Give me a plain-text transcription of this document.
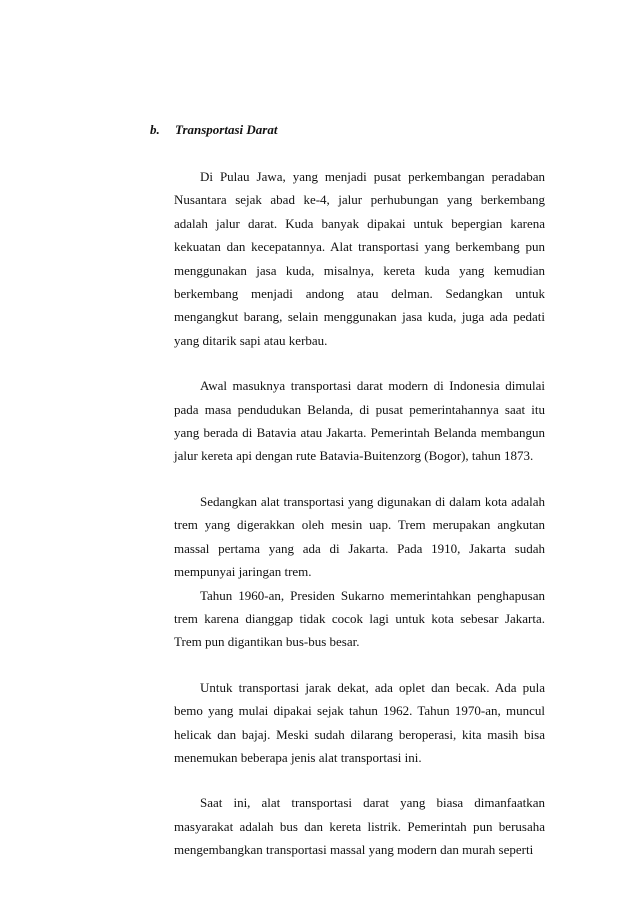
b. Transportasi Darat

Di Pulau Jawa, yang menjadi pusat perkembangan peradaban Nusantara sejak abad ke-4, jalur perhubungan yang berkembang adalah jalur darat. Kuda banyak dipakai untuk bepergian karena kekuatan dan kecepatannya. Alat transportasi yang berkembang pun menggunakan jasa kuda, misalnya, kereta kuda yang kemudian berkembang menjadi andong atau delman. Sedangkan untuk mengangkut barang, selain menggunakan jasa kuda, juga ada pedati yang ditarik sapi atau kerbau.

Awal masuknya transportasi darat modern di Indonesia dimulai pada masa pendudukan Belanda, di pusat pemerintahannya saat itu yang berada di Batavia atau Jakarta. Pemerintah Belanda membangun jalur kereta api dengan rute Batavia-Buitenzorg (Bogor), tahun 1873.

Sedangkan alat transportasi yang digunakan di dalam kota adalah trem yang digerakkan oleh mesin uap. Trem merupakan angkutan massal pertama yang ada di Jakarta. Pada 1910, Jakarta sudah mempunyai jaringan trem.

Tahun 1960-an, Presiden Sukarno memerintahkan penghapusan trem karena dianggap tidak cocok lagi untuk kota sebesar Jakarta. Trem pun digantikan bus-bus besar.

Untuk transportasi jarak dekat, ada oplet dan becak. Ada pula bemo yang mulai dipakai sejak tahun 1962. Tahun 1970-an, muncul helicak dan bajaj. Meski sudah dilarang beroperasi, kita masih bisa menemukan beberapa jenis alat transportasi ini.

Saat ini, alat transportasi darat yang biasa dimanfaatkan masyarakat adalah bus dan kereta listrik. Pemerintah pun berusaha mengembangkan transportasi massal yang modern dan murah seperti
